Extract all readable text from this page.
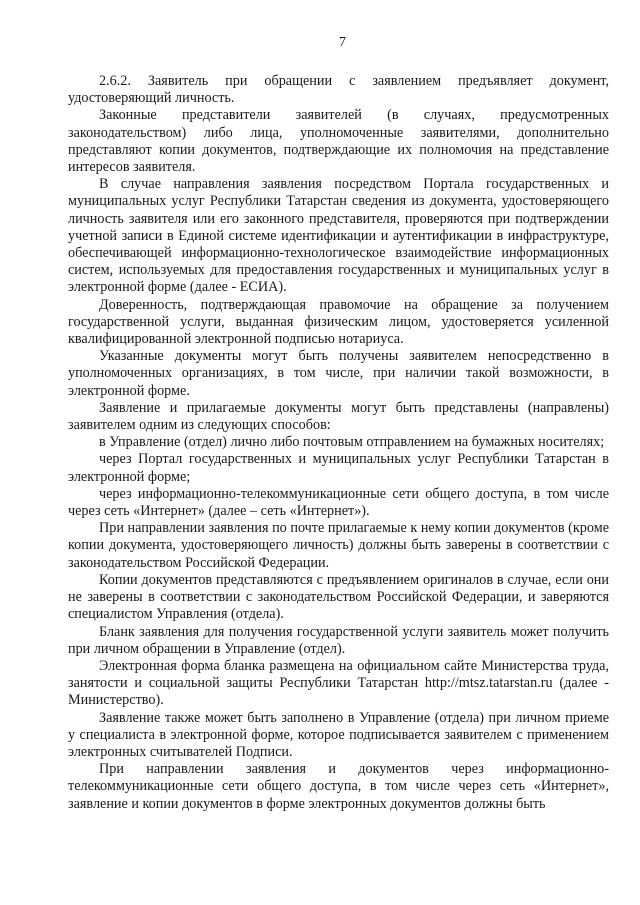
7

2.6.2. Заявитель при обращении с заявлением предъявляет документ, удостоверяющий личность.

Законные представители заявителей (в случаях, предусмотренных законодательством) либо лица, уполномоченные заявителями, дополнительно представляют копии документов, подтверждающие их полномочия на представление интересов заявителя.

В случае направления заявления посредством Портала государственных и муниципальных услуг Республики Татарстан сведения из документа, удостоверяющего личность заявителя или его законного представителя, проверяются при подтверждении учетной записи в Единой системе идентификации и аутентификации в инфраструктуре, обеспечивающей информационно-технологическое взаимодействие информационных систем, используемых для предоставления государственных и муниципальных услуг в электронной форме (далее - ЕСИА).

Доверенность, подтверждающая правомочие на обращение за получением государственной услуги, выданная физическим лицом, удостоверяется усиленной квалифицированной электронной подписью нотариуса.

Указанные документы могут быть получены заявителем непосредственно в уполномоченных организациях, в том числе, при наличии такой возможности, в электронной форме.

Заявление и прилагаемые документы могут быть представлены (направлены) заявителем одним из следующих способов:

в Управление (отдел) лично либо почтовым отправлением на бумажных носителях;

через Портал государственных и муниципальных услуг Республики Татарстан в электронной форме;

через информационно-телекоммуникационные сети общего доступа, в том числе через сеть «Интернет» (далее – сеть «Интернет»).

При направлении заявления по почте прилагаемые к нему копии документов (кроме копии документа, удостоверяющего личность) должны быть заверены в соответствии с законодательством Российской Федерации.

Копии документов представляются с предъявлением оригиналов в случае, если они не заверены в соответствии с законодательством Российской Федерации, и заверяются специалистом Управления (отдела).

Бланк заявления для получения государственной услуги заявитель может получить при личном обращении в Управление (отдел).

Электронная форма бланка размещена на официальном сайте Министерства труда, занятости и социальной защиты Республики Татарстан http://mtsz.tatarstan.ru (далее - Министерство).

Заявление также может быть заполнено в Управление (отдела) при личном приеме у специалиста в электронной форме, которое подписывается заявителем с применением электронных считывателей Подписи.

При направлении заявления и документов через информационно-телекоммуникационные сети общего доступа, в том числе через сеть «Интернет», заявление и копии документов в форме электронных документов должны быть
